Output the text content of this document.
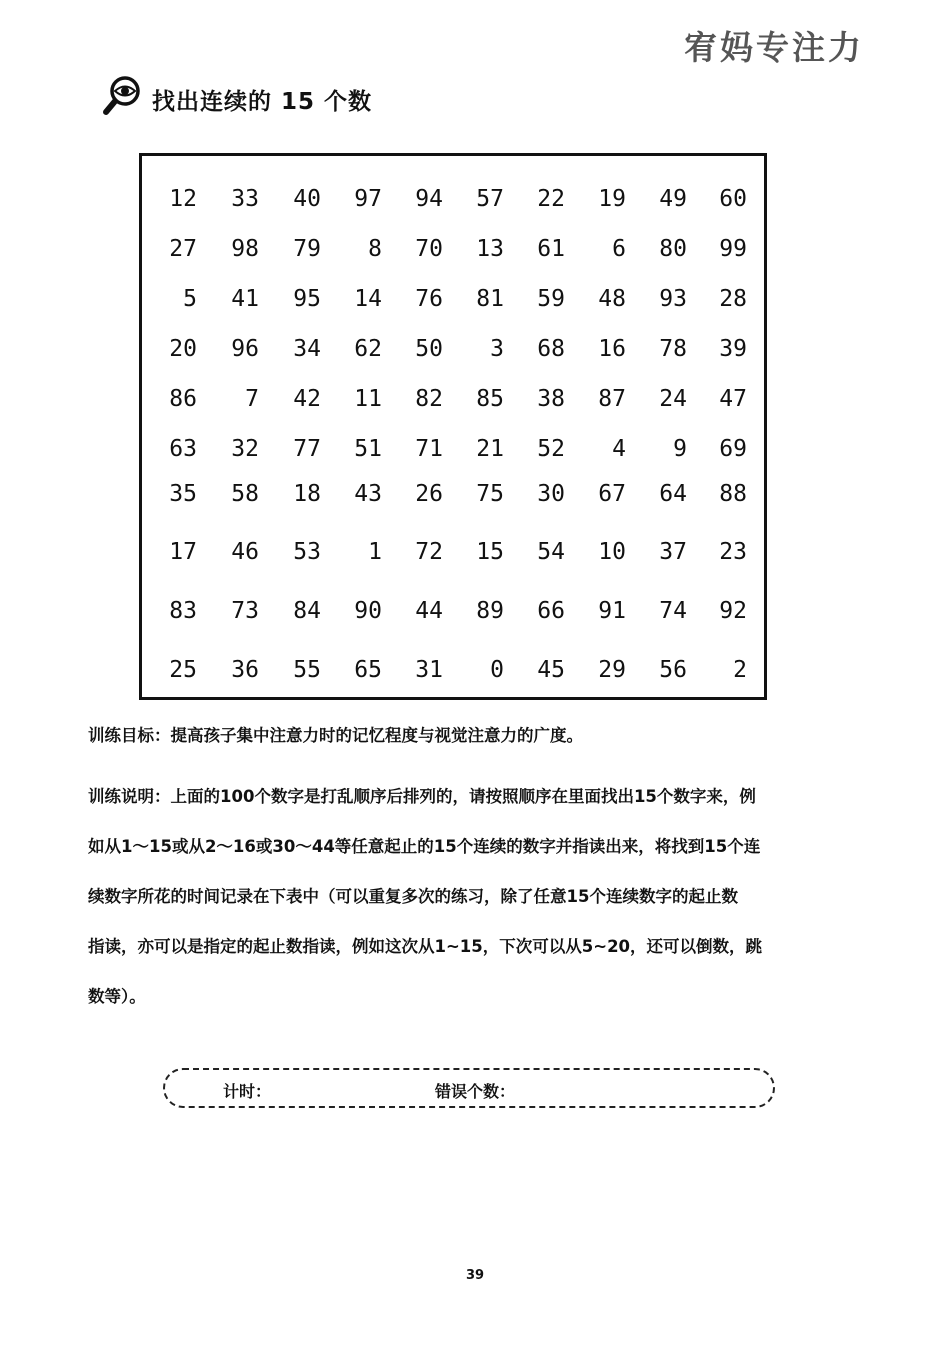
宥妈专注力
找出连续的 15 个数
12	33	40	97	94	57	22	19	49	60
27	98	79	8	70	13	61	6	80	99
5	41	95	14	76	81	59	48	93	28
20	96	34	62	50	3	68	16	78	39
86	7	42	11	82	85	38	87	24	47
63	32	77	51	71	21	52	4	9	69
35	58	18	43	26	75	30	67	64	88
17	46	53	1	72	15	54	10	37	23
83	73	84	90	44	89	66	91	74	92
25	36	55	65	31	0	45	29	56	2
训练目标：提高孩子集中注意力时的记忆程度与视觉注意力的广度。

训练说明：上面的100个数字是打乱顺序后排列的，请按照顺序在里面找出15个数字来，例

如从1～15或从2～16或30～44等任意起止的15个连续的数字并指读出来，将找到15个连

续数字所花的时间记录在下表中（可以重复多次的练习，除了任意15个连续数字的起止数

指读，亦可以是指定的起止数指读，例如这次从1~15，下次可以从5~20，还可以倒数，跳

数等）。

计时：	错误个数：
39
